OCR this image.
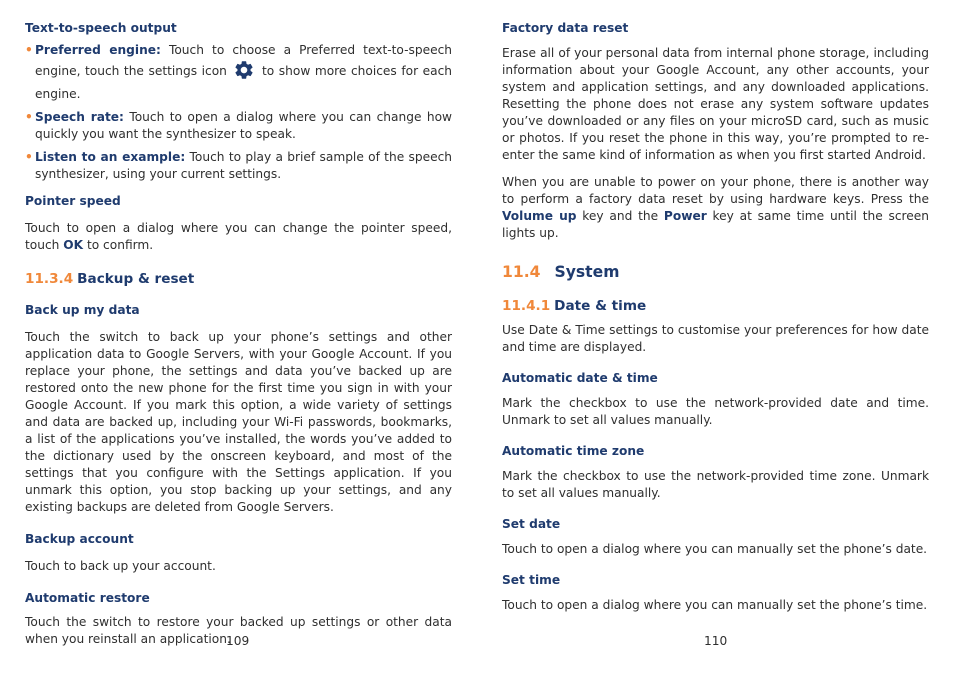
Text-to-speech output
• Preferred engine: Touch to choose a Preferred text-to-speech engine, touch the settings icon	to show more choices for each engine.
• Speech rate: Touch to open a dialog where you can change how quickly you want the synthesizer to speak.
• Listen to an example: Touch to play a brief sample of the speech synthesizer, using your current settings.
Pointer speed

Touch to open a dialog where you can change the pointer speed, touch OK to confirm.

11.3.4 Backup & reset
Back up my data

Touch the switch to back up your phone’s settings and other application data to Google Servers, with your Google Account. If you replace your phone, the settings and data you’ve backed up are restored onto the new phone for the first time you sign in with your Google Account. If you mark this option, a wide variety of settings and data are backed up, including your Wi-Fi passwords, bookmarks, a list of the applications you’ve installed, the words you’ve added to the dictionary used by the onscreen keyboard, and most of the settings that you configure with the Settings application. If you unmark this option, you stop backing up your settings, and any existing backups are deleted from Google Servers.

Backup account

Touch to back up your account.

Automatic restore

Touch the switch to restore your backed up settings or other data when you reinstall an application.

Factory data reset

Erase all of your personal data from internal phone storage, including information about your Google Account, any other accounts, your system and application settings, and any downloaded applications. Resetting the phone does not erase any system software updates you’ve downloaded or any files on your microSD card, such as music or photos. If you reset the phone in this way, you’re prompted to re-enter the same kind of information as when you first started Android.

When you are unable to power on your phone, there is another way to perform a factory data reset by using hardware keys. Press the Volume up key and the Power key at same time until the screen lights up.

11.4 System
11.4.1 Date & time

Use Date & Time settings to customise your preferences for how date and time are displayed.

Automatic date & time

Mark the checkbox to use the network-provided date and time. Unmark to set all values manually.

Automatic time zone

Mark the checkbox to use the network-provided time zone. Unmark to set all values manually.

Set date

Touch to open a dialog where you can manually set the phone’s date.

Set time

Touch to open a dialog where you can manually set the phone’s time.

109	110
